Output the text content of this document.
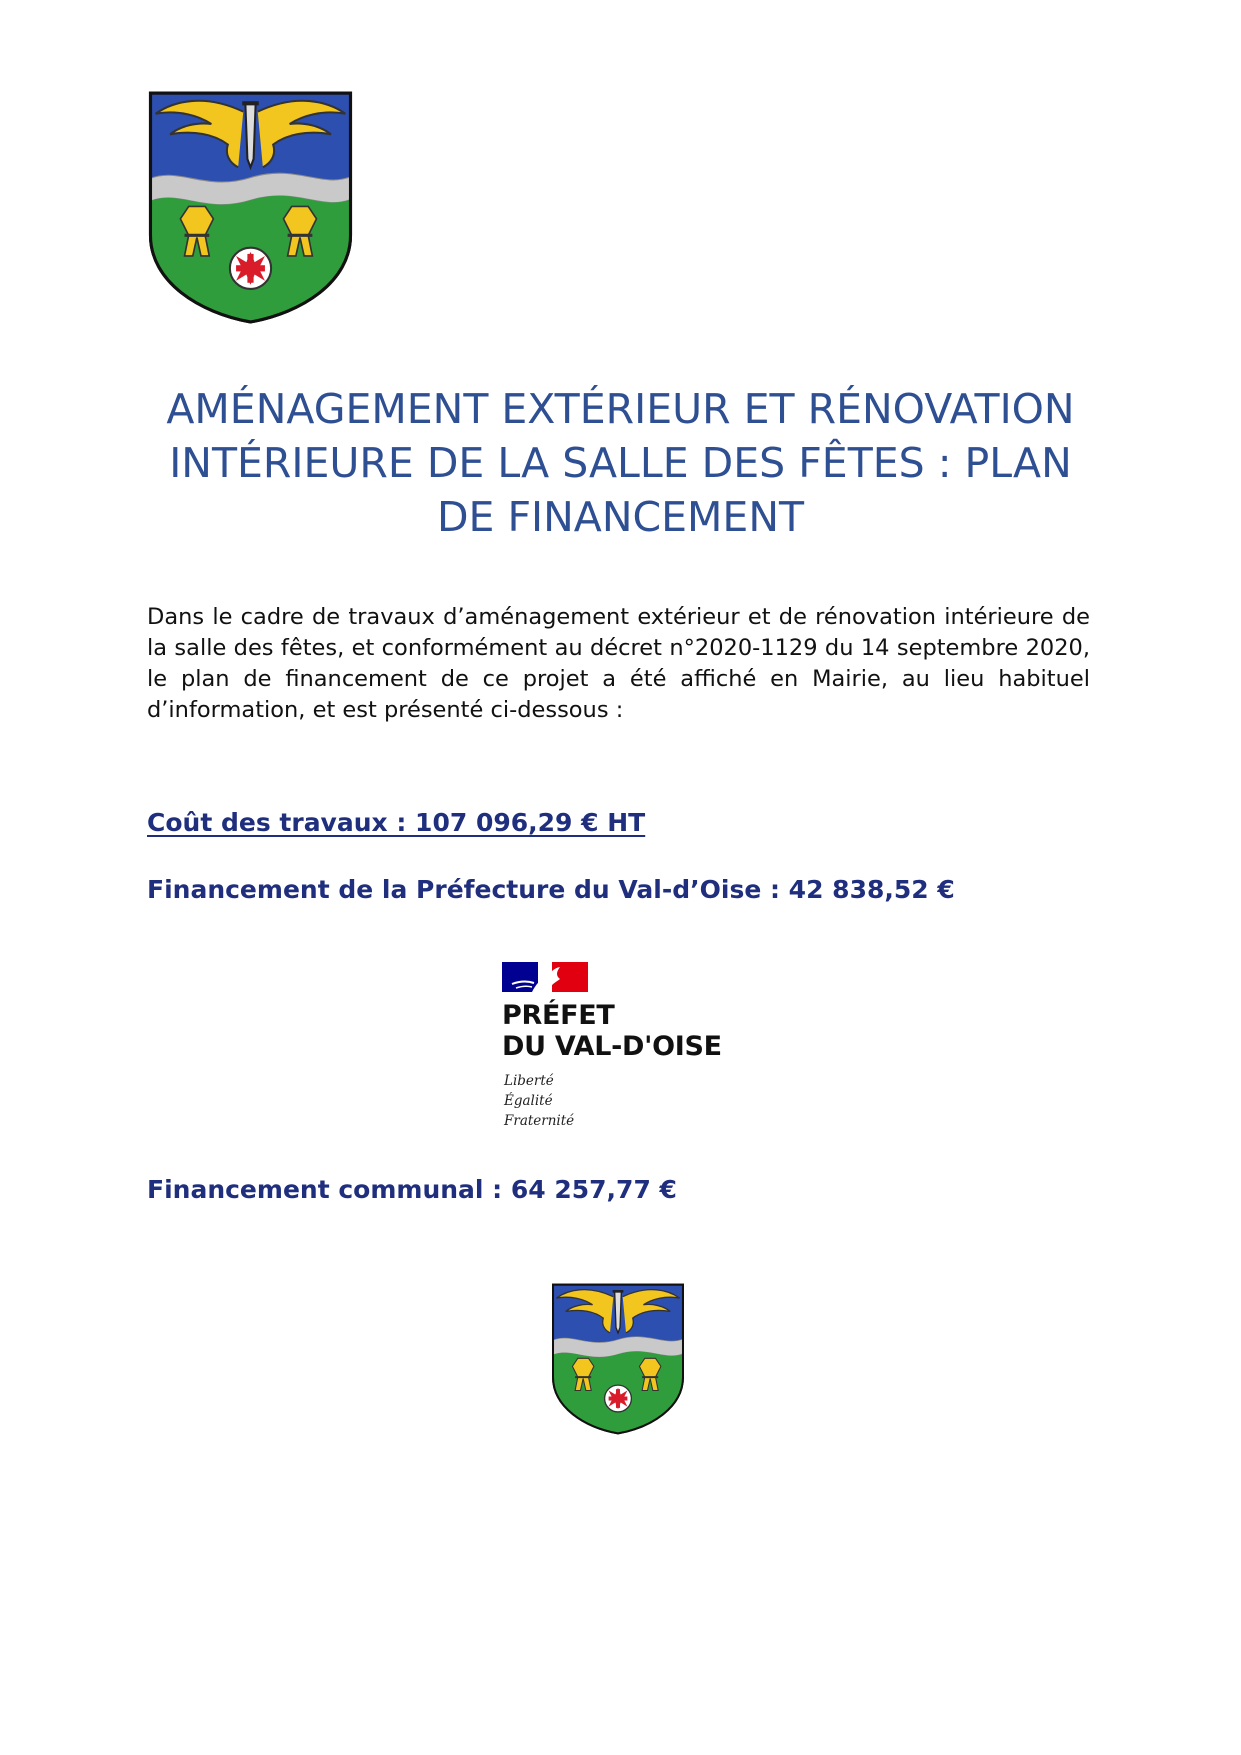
AMÉNAGEMENT EXTÉRIEUR ET RÉNOVATION
INTÉRIEURE DE LA SALLE DES FÊTES : PLAN
DE FINANCEMENT

Dans le cadre de travaux d’aménagement extérieur et de rénovation intérieure de la salle des fêtes, et conformément au décret n°2020-1129 du 14 septembre 2020, le plan de financement de ce projet a été affiché en Mairie, au lieu habituel d’information, et est présenté ci-dessous :

Coût des travaux : 107 096,29 € HT

Financement de la Préfecture du Val-d’Oise : 42 838,52 €

PRÉFET
DU VAL-D'OISE
Liberté
Égalité
Fraternité

Financement communal : 64 257,77 €
